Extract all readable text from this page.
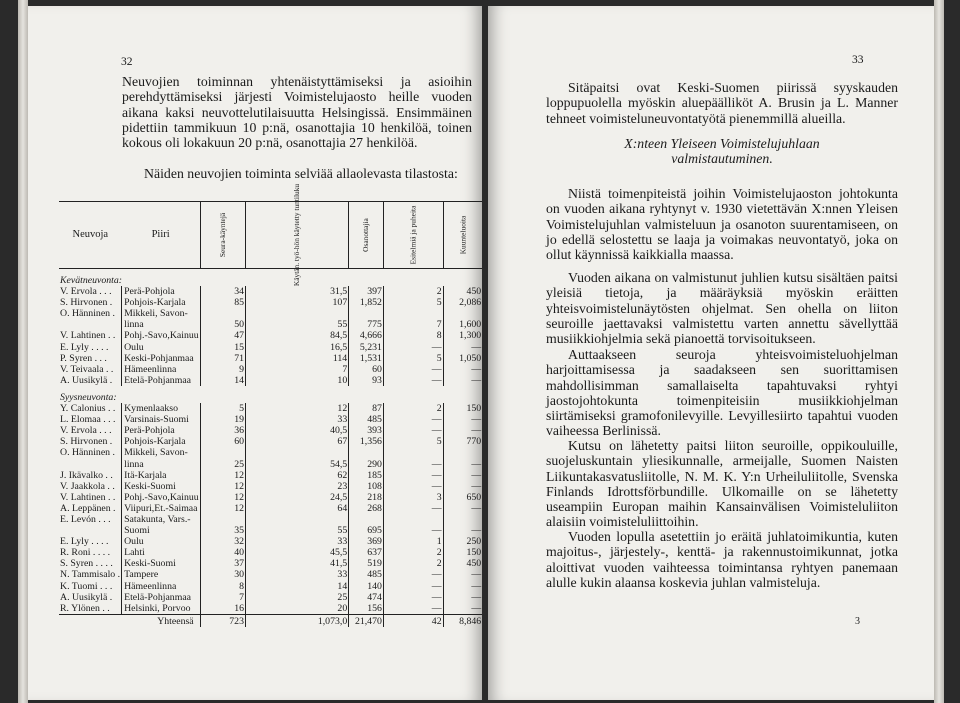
32

Neuvojien toiminnan yhtenäistyttämiseksi ja asioihin perehdyttämiseksi järjesti Voimistelujaosto heille vuoden aikana kaksi neuvottelutilaisuutta Helsingissä. Ensimmäinen pidettiin tammikuun 10 p:nä, osanottajia 10 henkilöä, toinen kokous oli lokakuun 20 p:nä, osanottajia 27 henkilöä.

Näiden neuvojien toiminta selviää allaolevasta tilastosta:

Neuvoja	Piiri	Seura-käyntejä	Käytän. työ-hön käytetty tuntiluku	Osanottajia	Esitelmiä ja puheita	Kuunteluoita				
Kevätneuvonta:										
V. Ervola . . .	Perä-Pohjola	34	31,5	397	2	450				
S. Hirvonen .	Pohjois-Karjala	85	107	1,852	5	2,086				
O. Hänninen .	Mikkeli, Savon-									
	linna	50	55	775	7	1,600				
V. Lahtinen . .	Pohj.-Savo,Kainuu	47	84,5	4,666	8	1,300				
E. Lyly . . . .	Oulu	15	16,5	5,231	—	—				
P. Syren . . .	Keski-Pohjanmaa	71	114	1,531	5	1,050				
V. Teivaala . .	Hämeenlinna	9	7	60	—	—				
A. Uusikylä .	Etelä-Pohjanmaa	14	10	93	—	—				
Syysneuvonta:										
Y. Calonius . .	Kymenlaakso	5	12	87	2	150				
L. Elomaa . . .	Varsinais-Suomi	19	33	485	—	—				
V. Ervola . . .	Perä-Pohjola	36	40,5	393	—	—				
S. Hirvonen .	Pohjois-Karjala	60	67	1,356	5	770				
O. Hänninen .	Mikkeli, Savon-									
	linna	25	54,5	290	—	—				
J. Ikävalko . .	Itä-Karjala	12	62	185	—	—				
V. Jaakkola . .	Keski-Suomi	12	23	108	—	—				
V. Lahtinen . .	Pohj.-Savo,Kainuu	12	24,5	218	3	650				
A. Leppänen .	Viipuri,Et.-Saimaa	12	64	268	—	—				
E. Levón . . .	Satakunta, Vars.-									
	Suomi	35	55	695	—	—				
E. Lyly . . . .	Oulu	32	33	369	1	250				
R. Roni . . . .	Lahti	40	45,5	637	2	150				
S. Syren . . . .	Keski-Suomi	37	41,5	519	2	450				
N. Tammisalo .	Tampere	30	33	485	—	—				
K. Tuomi . . .	Hämeenlinna	8	14	140	—	—				
A. Uusikylä .	Etelä-Pohjanmaa	7	25	474	—	—				
R. Ylönen . .	Helsinki, Porvoo	16	20	156	—	—				
Yhteensä		723	1,073,0	21,470	42	8,846				
33

Sitäpaitsi ovat Keski-Suomen piirissä syyskauden loppupuolella myöskin aluepäälliköt A. Brusin ja L. Manner tehneet voimisteluneuvontatyötä pienemmillä alueilla.

X:nteen Yleiseen Voimistelujuhlaan

valmistautuminen.

Niistä toimenpiteistä joihin Voimistelujaoston johtokunta on vuoden aikana ryhtynyt v. 1930 vietettävän X:nnen Yleisen Voimistelujuhlan valmisteluun ja osanoton suurentamiseen, on jo edellä selostettu se laaja ja voimakas neuvontatyö, joka on ollut käynnissä kaikkialla maassa.

Vuoden aikana on valmistunut juhlien kutsu sisältäen paitsi yleisiä tietoja, ja määräyksiä myöskin eräitten yhteisvoimistelunäytösten ohjelmat. Sen ohella on liiton seuroille jaettavaksi valmistettu varten annettu sävellyttää musiikkiohjelmia sekä pianoettä torvisoitukseen.

Auttaakseen seuroja yhteisvoimisteluohjelman harjoittamisessa ja saadakseen sen suorittamisen mahdollisimman samallaiselta tapahtuvaksi ryhtyi jaostojohtokunta toimenpiteisiin musiikkiohjelman siirtämiseksi gramofonilevyille. Levyillesiirto tapahtui vuoden vaiheessa Berlinissä.

Kutsu on lähetetty paitsi liiton seuroille, oppikouluille, suojeluskuntain yliesikunnalle, armeijalle, Suomen Naisten Liikuntakasvatusliitolle, N. M. K. Y:n Urheiluliitolle, Svenska Finlands Idrottsförbundille. Ulkomaille on se lähetetty useampiin Europan maihin Kansainvälisen Voimisteluliiton alaisiin voimisteluliittoihin.

Vuoden lopulla asetettiin jo eräitä juhlatoimikuntia, kuten majoitus-, järjestely-, kenttä- ja rakennustoimikunnat, jotka aloittivat vuoden vaihteessa toimintansa ryhtyen panemaan alulle kukin alaansa koskevia juhlan valmisteluja.

3
